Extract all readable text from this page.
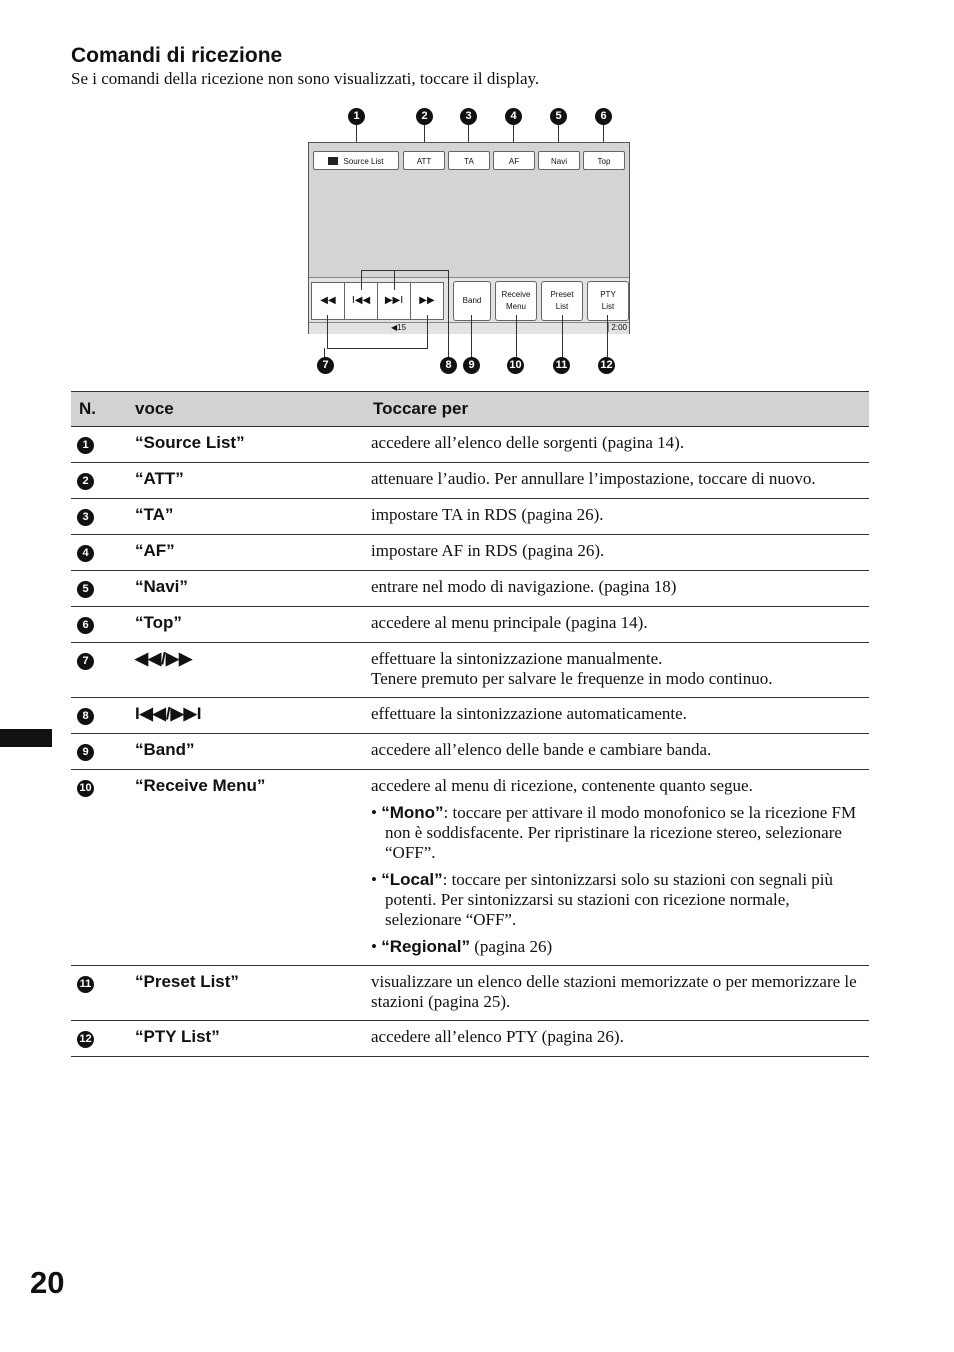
Comandi di ricezione
Se i comandi della ricezione non sono visualizzati, toccare il display.
1	2	3	4	5	6
Source List	ATT	TA	AF	Navi	Top
◀◀	I◀◀	▶▶I	▶▶	Band
Receive
Menu
Preset
List
PTY
List
◀15	2:00
7	8	9	10	11	12
N.	voce	Toccare per
1	“Source List”	accedere all’elenco delle sorgenti (pagina 14).

2	“ATT”	attenuare l’audio. Per annullare l’impostazione, toccare di nuovo.

3	“TA”	impostare TA in RDS (pagina 26).

4	“AF”	impostare AF in RDS (pagina 26).

5	“Navi”	entrare nel modo di navigazione. (pagina 18)

6	“Top”	accedere al menu principale (pagina 14).

7	◀◀/▶▶	effettuare la sintonizzazione manualmente.
Tenere premuto per salvare le frequenze in modo continuo.

8	I◀◀/▶▶I	effettuare la sintonizzazione automaticamente.

9	“Band”	accedere all’elenco delle bande e cambiare banda.

10	“Receive Menu”	accedere al menu di ricezione, contenente quanto segue.
• “Mono”: toccare per attivare il modo monofonico se la ricezione FM non è soddisfacente. Per ripristinare la ricezione stereo, selezionare “OFF”.
• “Local”: toccare per sintonizzarsi solo su stazioni con segnali più potenti. Per sintonizzarsi su stazioni con ricezione normale, selezionare “OFF”.
• “Regional” (pagina 26)

11	“Preset List”	visualizzare un elenco delle stazioni memorizzate o per memorizzare le stazioni (pagina 25).

12	“PTY List”	accedere all’elenco PTY (pagina 26).
20
